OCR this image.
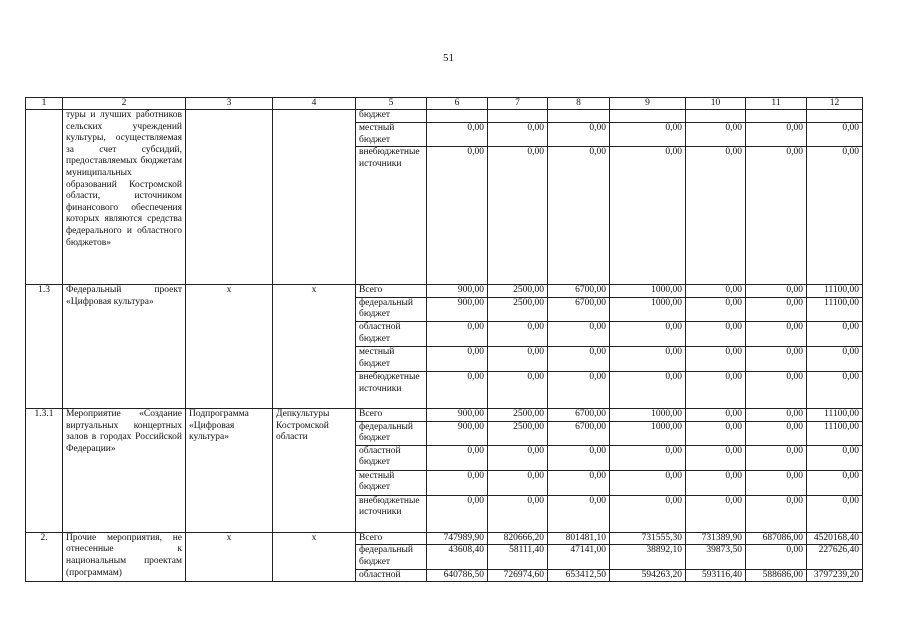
51
1	2	3	4	5	6	7	8	9	10	11	12
	туры и лучших работников сельских учреждений культуры, осуществляемая за счет субсидий, предоставляемых бюджетам муниципальных образований Костромской области, источником финансового обеспечения которых являются средства федерального и областного бюджетов»			бюджет							
				местный бюджет	0,00	0,00	0,00	0,00	0,00	0,00	0,00
				внебюджетные источники	0,00	0,00	0,00	0,00	0,00	0,00	0,00
1.3	Федеральный проект «Цифровая культура»	х	х	Всего	900,00	2500,00	6700,00	1000,00	0,00	0,00	11100,00
				федеральный бюджет	900,00	2500,00	6700,00	1000,00	0,00	0,00	11100,00
				областной бюджет	0,00	0,00	0,00	0,00	0,00	0,00	0,00
				местный бюджет	0,00	0,00	0,00	0,00	0,00	0,00	0,00
				внебюджетные источники	0,00	0,00	0,00	0,00	0,00	0,00	0,00
1.3.1	Мероприятие «Создание виртуальных концертных залов в городах Российской Федерации»	Подпрограмма «Цифровая культура»	Депкультуры Костромской области	Всего	900,00	2500,00	6700,00	1000,00	0,00	0,00	11100,00
				федеральный бюджет	900,00	2500,00	6700,00	1000,00	0,00	0,00	11100,00
				областной бюджет	0,00	0,00	0,00	0,00	0,00	0,00	0,00
				местный бюджет	0,00	0,00	0,00	0,00	0,00	0,00	0,00
				внебюджетные источники	0,00	0,00	0,00	0,00	0,00	0,00	0,00
2.	Прочие мероприятия, не отнесенные к национальным проектам (программам)	х	х	Всего	747989,90	820666,20	801481,10	731555,30	731389,90	687086,00	4520168,40
				федеральный бюджет	43608,40	58111,40	47141,00	38892,10	39873,50	0,00	227626,40
				областной	640786,50	726974,60	653412,50	594263,20	593116,40	588686,00	3797239,20
